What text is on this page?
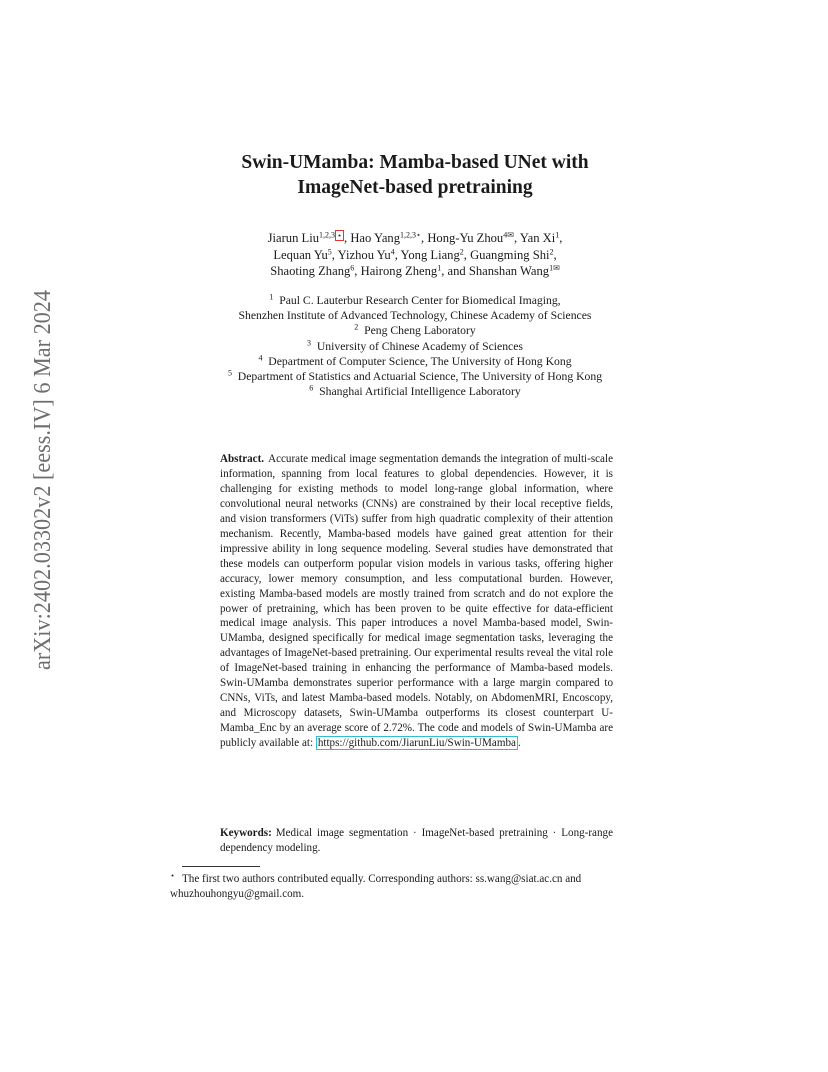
arXiv:2402.03302v2 [eess.IV] 6 Mar 2024
Swin-UMamba: Mamba-based UNet with
ImageNet-based pretraining
Jiarun Liu$^{1,2,3 ⋆}$ , Hao Yang$^{1,2,3⋆}$, Hong-Yu Zhou$^{4✉}$, Yan Xi$^1$,
Lequan Yu$^5$, Yizhou Yu$^4$, Yong Liang$^2$, Guangming Shi$^2$,
Shaoting Zhang$^6$, Hairong Zheng$^1$, and Shanshan Wang$^{1✉}$
$^1$ Paul C. Lauterbur Research Center for Biomedical Imaging,
Shenzhen Institute of Advanced Technology, Chinese Academy of Sciences
$^2$ Peng Cheng Laboratory
$^3$ University of Chinese Academy of Sciences
$^4$ Department of Computer Science, The University of Hong Kong
$^5$ Department of Statistics and Actuarial Science, The University of Hong Kong
$^6$ Shanghai Artificial Intelligence Laboratory
Abstract. Accurate medical image segmentation demands the integration of multi-scale information, spanning from local features to global dependencies. However, it is challenging for existing methods to model long-range global information, where convolutional neural networks (CNNs) are constrained by their local receptive fields, and vision transformers (ViTs) suffer from high quadratic complexity of their attention mechanism. Recently, Mamba-based models have gained great attention for their impressive ability in long sequence modeling. Several studies have demonstrated that these models can outperform popular vision models in various tasks, offering higher accuracy, lower memory consumption, and less computational burden. However, existing Mamba-based models are mostly trained from scratch and do not explore the power of pretraining, which has been proven to be quite effective for data-efficient medical image analysis. This paper introduces a novel Mamba-based model, Swin-UMamba, designed specifically for medical image segmentation tasks, leveraging the advantages of ImageNet-based pretraining. Our experimental results reveal the vital role of ImageNet-based training in enhancing the performance of Mamba-based models. Swin-UMamba demonstrates superior performance with a large margin compared to CNNs, ViTs, and latest Mamba-based models. Notably, on AbdomenMRI, Encoscopy, and Microscopy datasets, Swin-UMamba outperforms its closest counterpart U-Mamba_Enc by an average score of 2.72%. The code and models of Swin-UMamba are publicly available at: https://github.com/JiarunLiu/Swin-UMamba .
Keywords: Medical image segmentation · ImageNet-based pretraining · Long-range dependency modeling.
⋆ The first two authors contributed equally. Corresponding authors: ss.wang@siat.ac.cn and whuzhouhongyu@gmail.com.
